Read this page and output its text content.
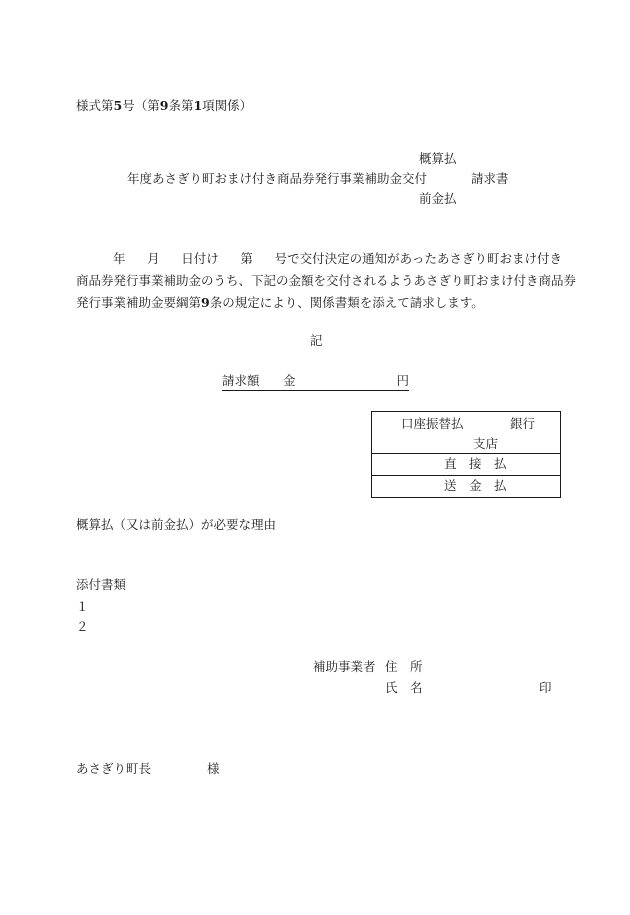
様式第5号（第9条第1項関係）
概算払
年度あさぎり町おまけ付き商品券発行事業補助金交付	請求書
前金払
年 月 日付け 第 号で交付決定の通知があったあさぎり町おまけ付き
商品券発行事業補助金のうち、下記の金額を交付されるようあさぎり町おまけ付き商品券
発行事業補助金要綱第9条の規定により、関係書類を添えて請求します。
記
請求額 金	円
口座振替払	銀行
支店

直　接　払

送　金　払
概算払（又は前金払）が必要な理由
添付書類
１
２
補助事業者 住　所
氏　名	印
あさぎり町長	様
